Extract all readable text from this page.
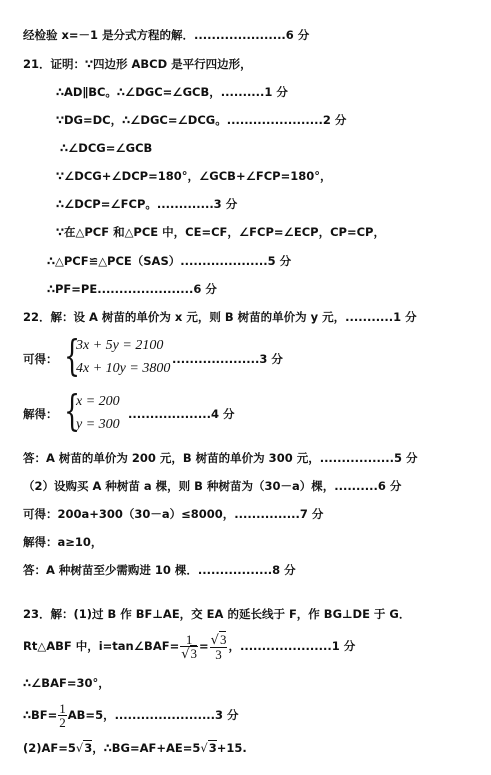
经检验 x=－1 是分式方程的解．.....................6 分
21．证明：∵四边形 ABCD 是平行四边形，
∴AD∥BC。∴∠DGC=∠GCB，..........1 分
∵DG=DC，∴∠DGC=∠DCG。......................2 分
∴∠DCG=∠GCB
∵∠DCG+∠DCP=180°，∠GCB+∠FCP=180°，
∴∠DCP=∠FCP。.............3 分
∵在△PCF 和△PCE 中，CE=CF，∠FCP=∠ECP，CP=CP，
∴△PCF≌△PCE（SAS）....................5 分
∴PF=PE......................6 分
22．解：设 A 树苗的单价为 x 元，则 B 树苗的单价为 y 元，...........1 分
可得： {
3x + 5y = 2100
4x + 10y = 3800
....................3 分
解得： {
x = 200
y = 300
...................4 分
答：A 树苗的单价为 200 元，B 树苗的单价为 300 元，.................5 分
（2）设购买 A 种树苗 a 棵，则 B 种树苗为（30－a）棵，..........6 分
可得：200a+300（30－a）≤8000，...............7 分
解得：a≥10，
答：A 种树苗至少需购进 10 棵．.................8 分
23．解：(1)过 B 作 BF⊥AE，交 EA 的延长线于 F，作 BG⊥DE 于 G．
Rt△ABF 中，i=tan∠BAF= $\frac{1}{√3} = \frac{√3}{3}$ ，.....................1 分
∴∠BAF=30°，
∴BF= $\frac{1}{2} AB=5$，.......................3 分
(2)AF=5√3，∴BG=AF+AE=5√3+15.
